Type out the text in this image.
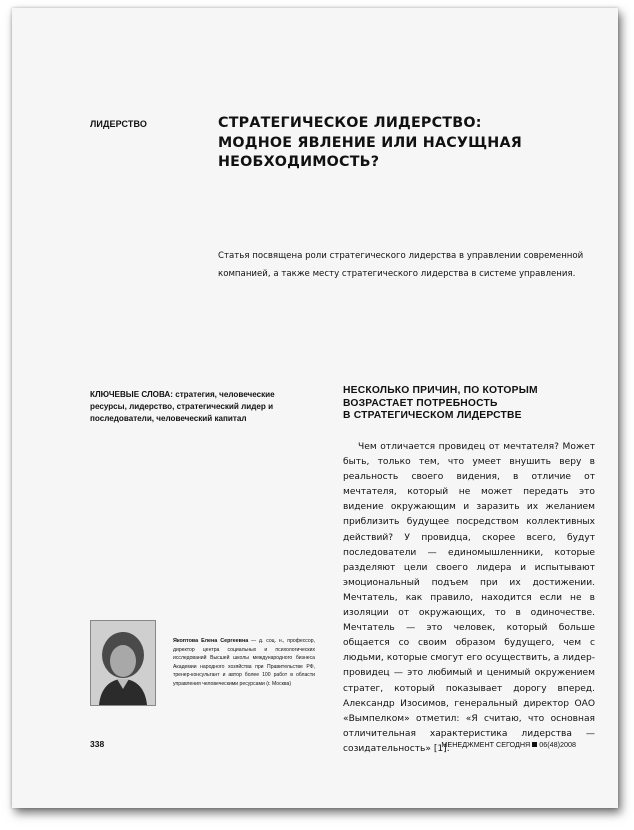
ЛИДЕРСТВО	СТРАТЕГИЧЕСКОЕ ЛИДЕРСТВО:
МОДНОЕ ЯВЛЕНИЕ ИЛИ НАСУЩНАЯ
НЕОБХОДИМОСТЬ?

Статья посвящена роли стратегического лидерства в управлении современной
компанией, а также месту стратегического лидерства в системе управления.

КЛЮЧЕВЫЕ СЛОВА: стратегия, человеческие ресурсы, лидерство, стратегический лидер и последователи, человеческий капитал

НЕСКОЛЬКО ПРИЧИН, ПО КОТОРЫМ
ВОЗРАСТАЕТ ПОТРЕБНОСТЬ
В СТРАТЕГИЧЕСКОМ ЛИДЕРСТВЕ

Чем отличается провидец от мечтателя? Может быть, только тем, что умеет внушить веру в реальность своего видения, в отличие от мечтателя, который не может передать это видение окружающим и заразить их желанием приблизить будущее посредством коллективных действий? У провидца, скорее всего, будут последователи — единомышленники, которые разделяют цели своего лидера и испытывают эмоциональный подъем при их достижении. Мечтатель, как правило, находится если не в изоляции от окружающих, то в одиночестве. Мечтатель — это человек, который больше общается со своим образом будущего, чем с людьми, которые смогут его осуществить, а лидер-провидец — это любимый и ценимый окружением стратег, который показывает дорогу вперед. Александр Изосимов, генеральный директор ОАО «Вымпелком» отметил: «Я считаю, что основная отличительная характеристика лидерства — созидательность» [1].

Якоптова Елена Сергеевна — д. соц. н., профессор, директор центра социальных и психологических исследований Высшей школы международного бизнеса Академии народного хозяйства при Правительстве РФ, тренер-консультант и автор более 100 работ в области управления человеческими ресурсами (г. Москва)

338	МЕНЕДЖМЕНТ СЕГОДНЯ 06(48)2008
